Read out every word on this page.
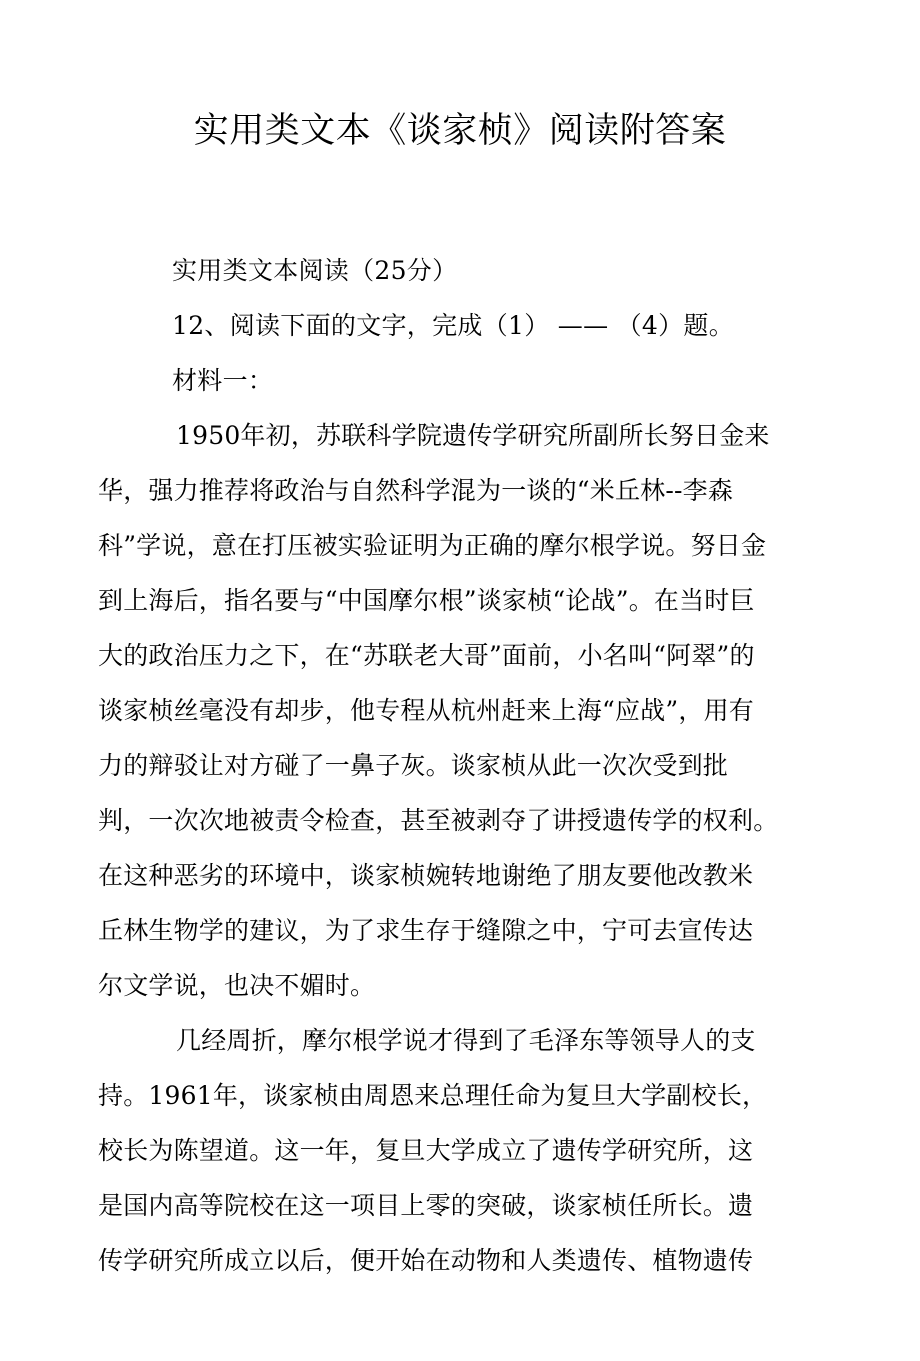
实用类文本《谈家桢》阅读附答案
实用类文本阅读（25分）
12、阅读下面的文字，完成（1） —— （4）题。
材料一：
1950年初，苏联科学院遗传学研究所副所长努日金来
华，强力推荐将政治与自然科学混为一谈的“米丘林--李森
科”学说，意在打压被实验证明为正确的摩尔根学说。努日金
到上海后，指名要与“中国摩尔根”谈家桢“论战”。在当时巨
大的政治压力之下，在“苏联老大哥”面前，小名叫“阿翠”的
谈家桢丝毫没有却步，他专程从杭州赶来上海“应战”，用有
力的辩驳让对方碰了一鼻子灰。谈家桢从此一次次受到批
判，一次次地被责令检查，甚至被剥夺了讲授遗传学的权利。
在这种恶劣的环境中，谈家桢婉转地谢绝了朋友要他改教米
丘林生物学的建议，为了求生存于缝隙之中，宁可去宣传达
尔文学说，也决不媚时。
几经周折，摩尔根学说才得到了毛泽东等领导人的支
持。1961年，谈家桢由周恩来总理任命为复旦大学副校长，
校长为陈望道。这一年，复旦大学成立了遗传学研究所，这
是国内高等院校在这一项目上零的突破，谈家桢任所长。遗
传学研究所成立以后，便开始在动物和人类遗传、植物遗传
